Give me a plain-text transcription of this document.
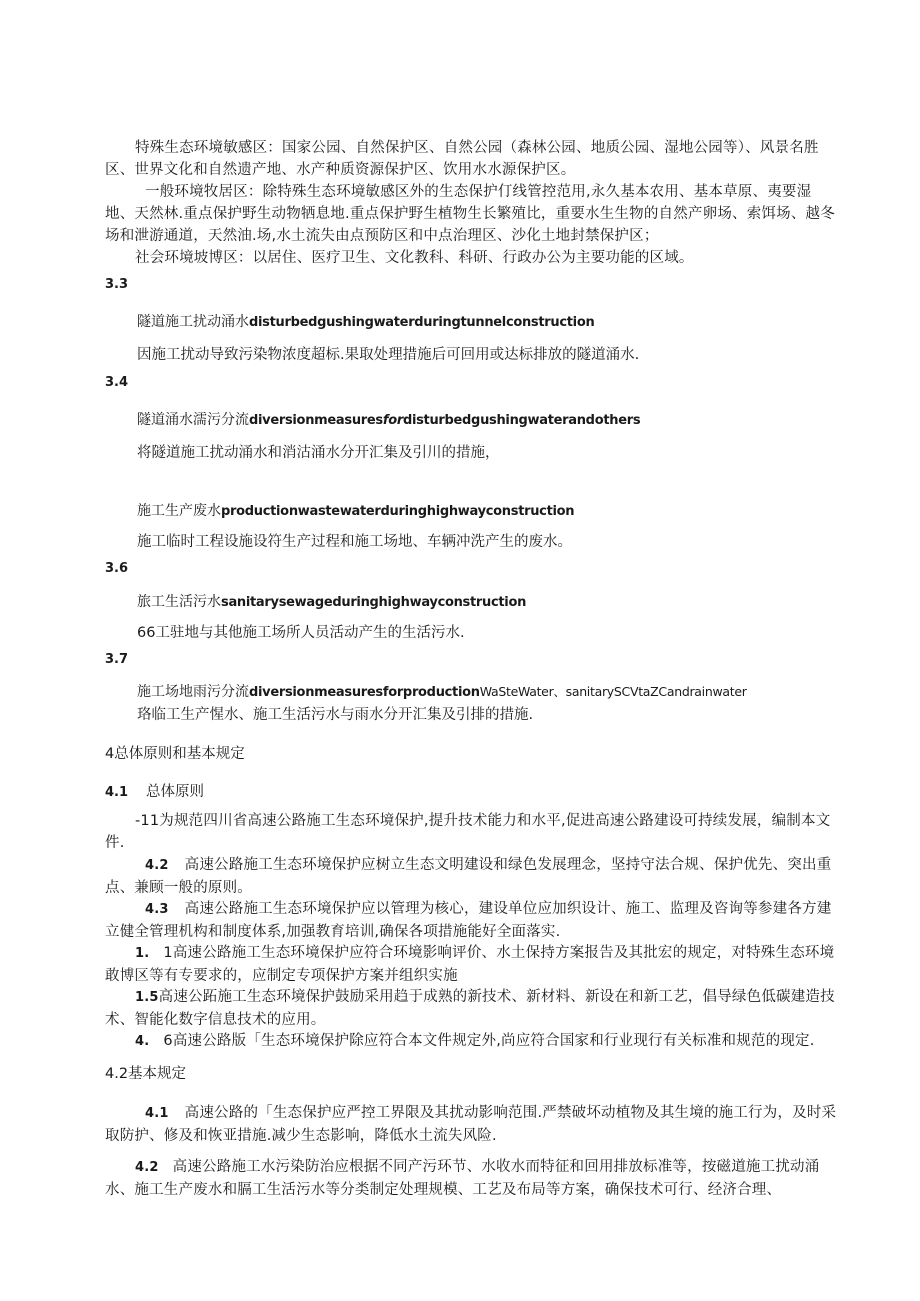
特殊生态环境敏感区：国家公园、自然保护区、自然公园（森林公园、地质公园、湿地公园等）、风景名胜区、世界文化和自然遗产地、水产种质资源保护区、饮用水水源保护区。

一般环境牧居区：除特殊生态环境敏感区外的生态保护仃线管控范用,永久基本农用、基本草原、夷要湿地、天然林.重点保护野生动物牺息地.重点保护野生植物生长繁殖比，重要水生生物的自然产卵场、索饵场、越冬场和泄游通道，天然油.场,水土流失由点预防区和中点治理区、沙化土地封禁保护区；

社会环境坡博区：以居住、医疗卫生、文化教科、科研、行政办公为主要功能的区域。

3.3

隧道施工扰动涌水disturbedgushingwaterduringtunnelconstruction

因施工扰动导致污染物浓度超标.果取处理措施后可回用或达标排放的隧道涌水.

3.4

隧道涌水濡污分流diversionmeasuresfordisturbedgushingwaterandothers

将隧道施工扰动涌水和消沽涌水分开汇集及引川的措施，

施工生产废水productionwastewaterduringhighwayconstruction

施工临时工程设施设符生产过程和施工场地、车辆冲洗产生的废水。

3.6

旅工生活污水sanitarysewageduringhighwayconstruction

66工驻地与其他施工场所人员活动产生的生活污水.

3.7

施工场地雨污分流diversionmeasuresforproductionWaSteWater、sanitarySCVtaZCandrainwater

珞临工生产惺水、施工生活污水与雨水分开汇集及引排的措施.

4总体原则和基本规定

4.1 总体原则

-11为规范四川省高速公路施工生态环境保护,提升技术能力和水平,促进高速公路建设可持续发展，编制本文件.

4.2 高速公路施工生态环境保护应树立生态文明建设和绿色发展理念，坚持守法合规、保护优先、突出重点、兼顾一般的原则。

4.3 高速公路施工生态环境保护应以管理为核心，建设单位应加织设计、施工、监理及咨询等参建各方建立健全管理机构和制度体系,加强教育培训,确保各项措施能好全面落实.

1. 1高速公路施工生态环境保护应符合环境影响评价、水土保持方案报告及其批宏的规定，对特殊生态环境敢博区等有专要求的，应制定专项保护方案并组织实施

1.5高速公跖施工生态环境保护鼓励采用趋于成熟的新技术、新材料、新设在和新工艺，倡导绿色低碳建造技术、智能化数字信息技术的应用。

4. 6高速公路版「生态环境保护除应符合本文件规定外,尚应符合国家和行业现行有关标准和规范的现定.

4.2基本规定

4.1 高速公路的「生态保护应严控工界限及其扰动影响范围.严禁破坏动植物及其生境的施工行为，及时采取防护、修及和恢亚措施.减少生态影响，降低水土流失风险.

4.2 高速公路施工水污染防治应根据不同产污环节、水收水而特征和回用排放标准等，按磁道施工扰动涌水、施工生产废水和膈工生活污水等分类制定处理规模、工艺及布局等方案，确保技术可行、经济合理、
